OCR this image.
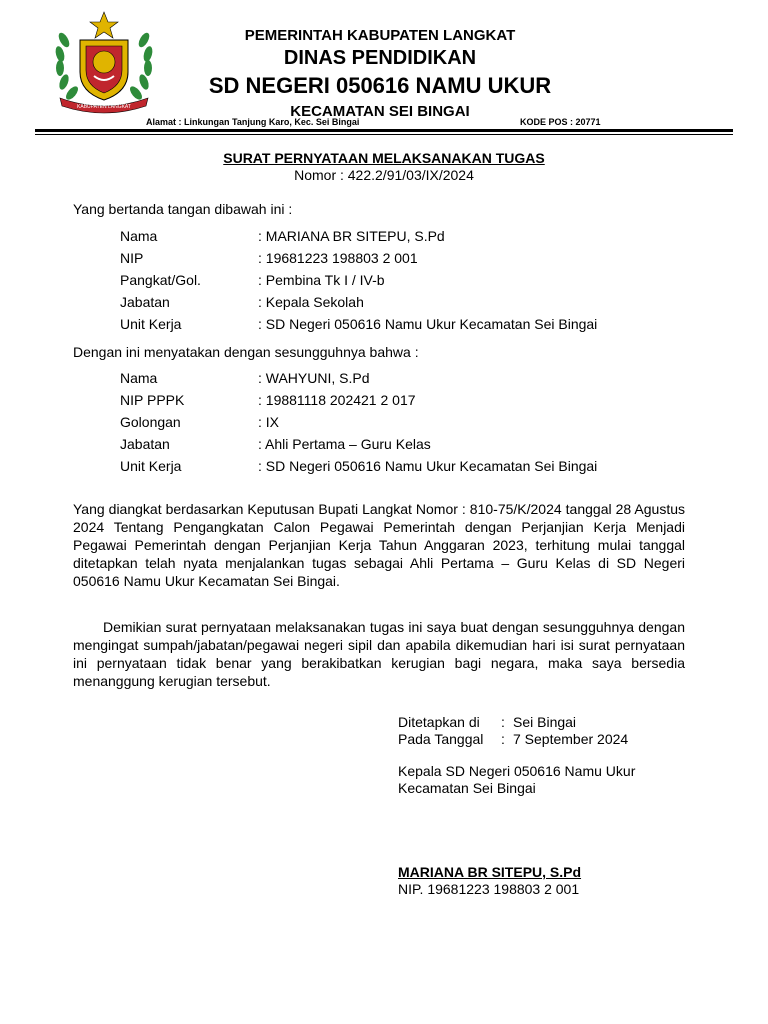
KABUPATEN LANGKAT
PEMERINTAH KABUPATEN LANGKAT
DINAS PENDIDIKAN
SD NEGERI 050616 NAMU UKUR
KECAMATAN SEI BINGAI
Alamat : Linkungan Tanjung Karo, Kec. Sei Bingai	KODE POS : 20771
SURAT PERNYATAAN MELAKSANAKAN TUGAS
Nomor : 422.2/91/03/IX/2024
Yang bertanda tangan dibawah ini :
Nama	: MARIANA BR SITEPU, S.Pd
NIP	: 19681223 198803 2 001
Pangkat/Gol.	: Pembina Tk I / IV-b
Jabatan	: Kepala Sekolah
Unit Kerja	: SD Negeri 050616 Namu Ukur Kecamatan Sei Bingai
Dengan ini menyatakan dengan sesungguhnya bahwa :
Nama	: WAHYUNI, S.Pd
NIP PPPK	: 19881118 202421 2 017
Golongan	: IX
Jabatan	: Ahli Pertama – Guru Kelas
Unit Kerja	: SD Negeri 050616 Namu Ukur Kecamatan Sei Bingai

Yang diangkat berdasarkan Keputusan Bupati Langkat Nomor : 810-75/K/2024 tanggal 28 Agustus 2024 Tentang Pengangkatan Calon Pegawai Pemerintah dengan Perjanjian Kerja Menjadi Pegawai Pemerintah dengan Perjanjian Kerja Tahun Anggaran 2023, terhitung mulai tanggal ditetapkan telah nyata menjalankan tugas sebagai Ahli Pertama – Guru Kelas di SD Negeri 050616 Namu Ukur Kecamatan Sei Bingai.

Demikian surat pernyataan melaksanakan tugas ini saya buat dengan sesungguhnya dengan mengingat sumpah/jabatan/pegawai negeri sipil dan apabila dikemudian hari isi surat pernyataan ini pernyataan tidak benar yang berakibatkan kerugian bagi negara, maka saya bersedia menanggung kerugian tersebut.

Ditetapkan di	: Sei Bingai
Pada Tanggal	: 7 September 2024
Kepala SD Negeri 050616 Namu Ukur
Kecamatan Sei Bingai
MARIANA BR SITEPU, S.Pd
NIP. 19681223 198803 2 001
